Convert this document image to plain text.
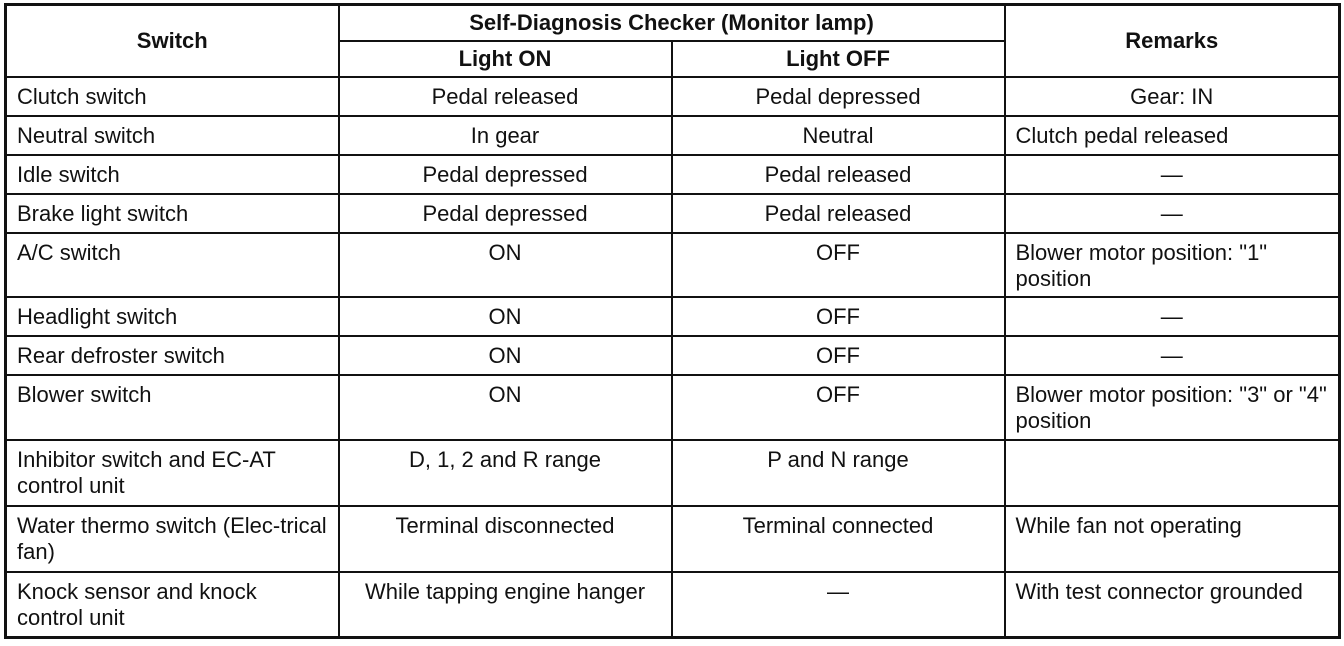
Switch	Self-Diagnosis Checker (Monitor lamp)		Remarks
	Light ON	Light OFF	
Clutch switch	Pedal released	Pedal depressed	Gear: IN
Neutral switch	In gear	Neutral	Clutch pedal released
Idle switch	Pedal depressed	Pedal released	—
Brake light switch	Pedal depressed	Pedal released	—
A/C switch	ON	OFF	Blower motor position: "1" position
Headlight switch	ON	OFF	—
Rear defroster switch	ON	OFF	—
Blower switch	ON	OFF	Blower motor position: "3" or "4" position
Inhibitor switch and EC-AT control unit	D, 1, 2 and R range	P and N range	
Water thermo switch (Elec-trical fan)	Terminal disconnected	Terminal connected	While fan not operating
Knock sensor and knock control unit	While tapping engine hanger	—	With test connector grounded
